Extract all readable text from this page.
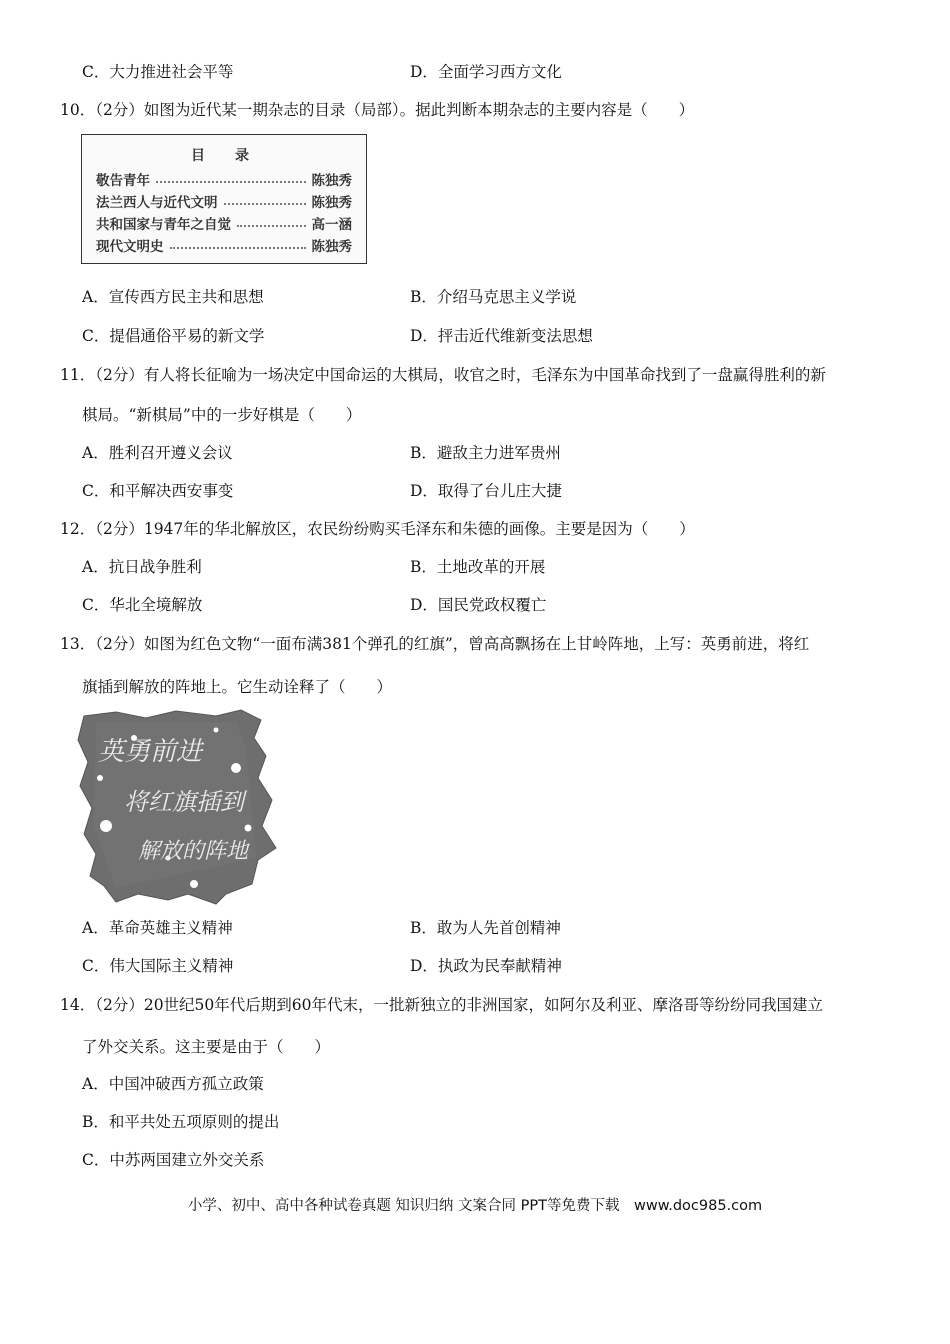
C．大力推进社会平等	D．全面学习西方文化
10．（2分）如图为近代某一期杂志的目录（局部）。据此判断本期杂志的主要内容是（　　）
目　录
敬告青年	陈独秀
法兰西人与近代文明	陈独秀
共和国家与青年之自觉	高一涵
现代文明史	陈独秀
A．宣传西方民主共和思想	B．介绍马克思主义学说
C．提倡通俗平易的新文学	D．抨击近代维新变法思想
11．（2分）有人将长征喻为一场决定中国命运的大棋局，收官之时，毛泽东为中国革命找到了一盘赢得胜利的新
棋局。“新棋局”中的一步好棋是（　　）
A．胜利召开遵义会议	B．避敌主力进军贵州
C．和平解决西安事变	D．取得了台儿庄大捷
12．（2分）1947年的华北解放区，农民纷纷购买毛泽东和朱德的画像。主要是因为（　　）
A．抗日战争胜利	B．土地改革的开展
C．华北全境解放	D．国民党政权覆亡
13．（2分）如图为红色文物“一面布满381个弹孔的红旗”，曾高高飘扬在上甘岭阵地，上写：英勇前进，将红
旗插到解放的阵地上。它生动诠释了（　　）
英勇前进
将红旗插到
解放的阵地
A．革命英雄主义精神	B．敢为人先首创精神
C．伟大国际主义精神	D．执政为民奉献精神
14．（2分）20世纪50年代后期到60年代末，一批新独立的非洲国家，如阿尔及利亚、摩洛哥等纷纷同我国建立
了外交关系。这主要是由于（　　）
A．中国冲破西方孤立政策
B．和平共处五项原则的提出
C．中苏两国建立外交关系
小学、初中、高中各种试卷真题 知识归纳 文案合同 PPT等免费下载　www.doc985.com
